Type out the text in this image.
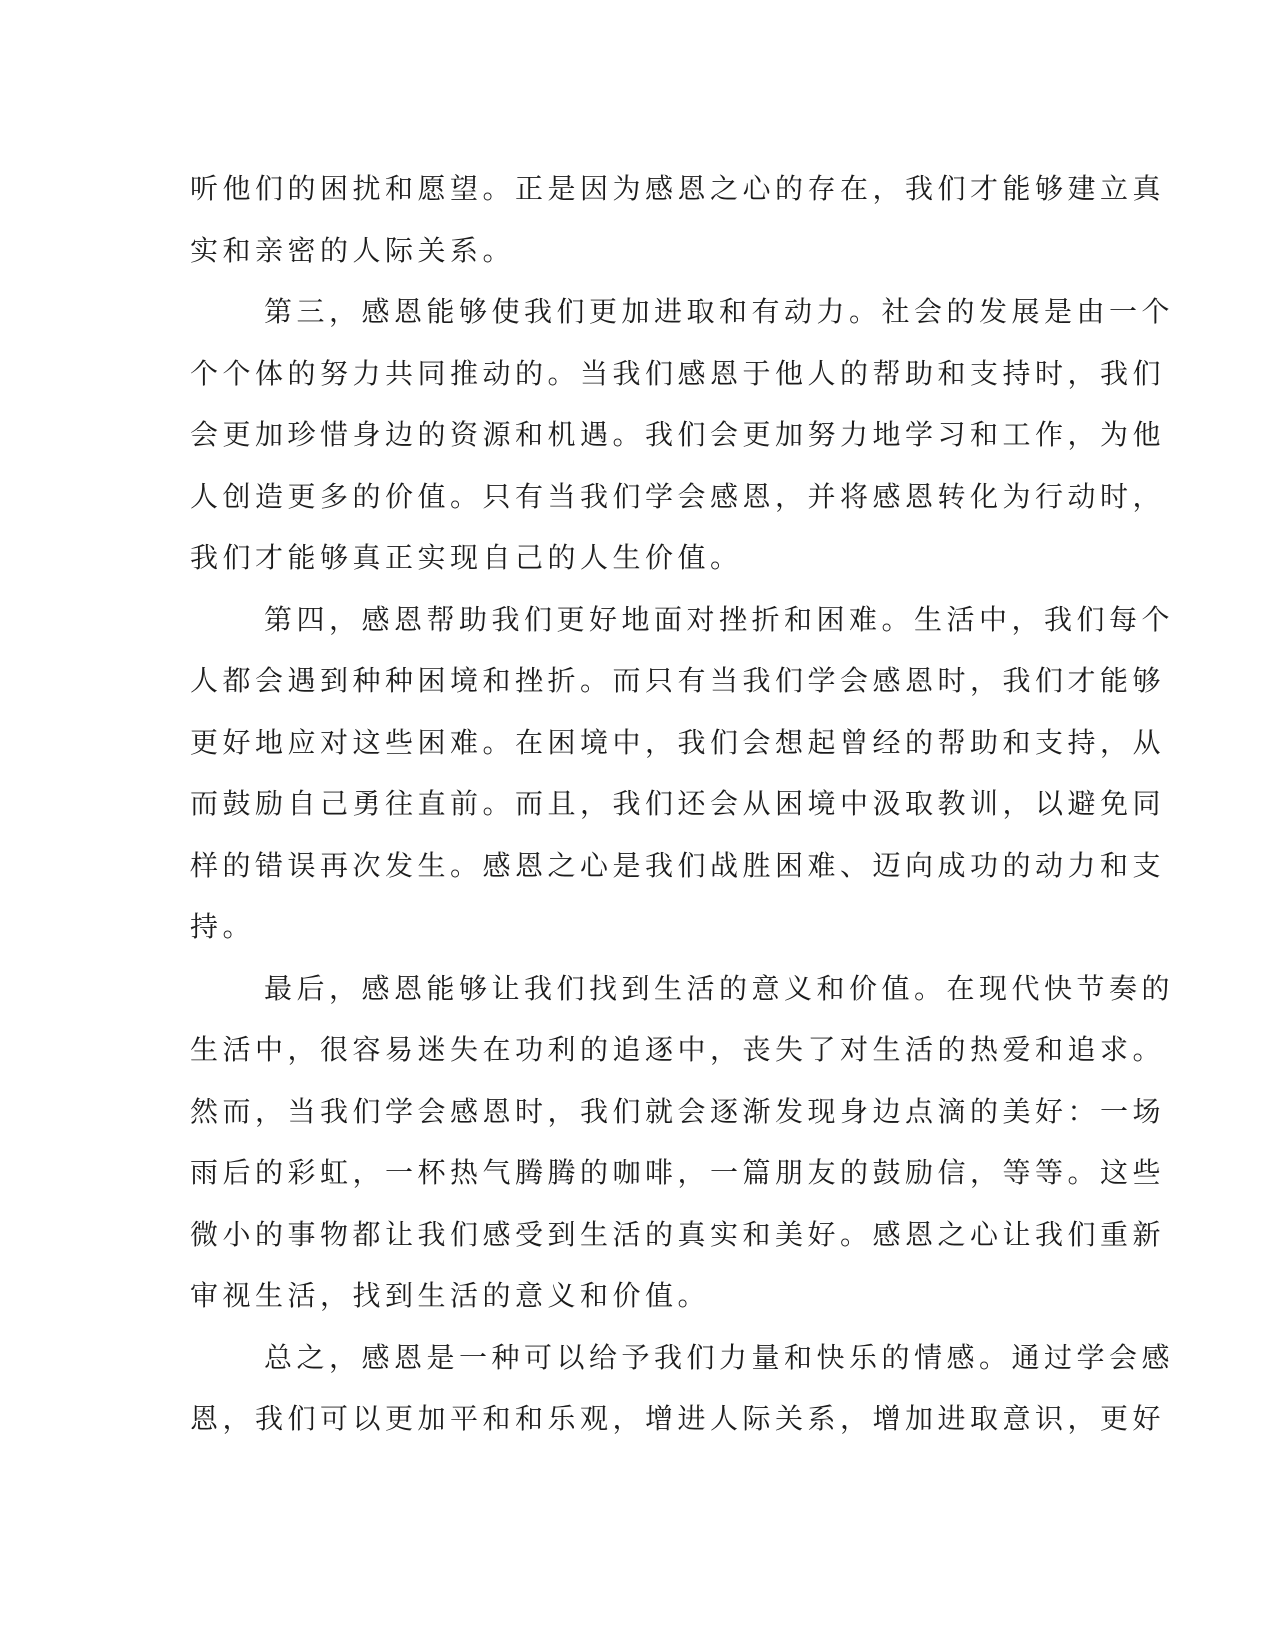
听他们的困扰和愿望。正是因为感恩之心的存在，我们才能够建立真
实和亲密的人际关系。
第三，感恩能够使我们更加进取和有动力。社会的发展是由一个
个个体的努力共同推动的。当我们感恩于他人的帮助和支持时，我们
会更加珍惜身边的资源和机遇。我们会更加努力地学习和工作，为他
人创造更多的价值。只有当我们学会感恩，并将感恩转化为行动时，
我们才能够真正实现自己的人生价值。
第四，感恩帮助我们更好地面对挫折和困难。生活中，我们每个
人都会遇到种种困境和挫折。而只有当我们学会感恩时，我们才能够
更好地应对这些困难。在困境中，我们会想起曾经的帮助和支持，从
而鼓励自己勇往直前。而且，我们还会从困境中汲取教训，以避免同
样的错误再次发生。感恩之心是我们战胜困难、迈向成功的动力和支
持。
最后，感恩能够让我们找到生活的意义和价值。在现代快节奏的
生活中，很容易迷失在功利的追逐中，丧失了对生活的热爱和追求。
然而，当我们学会感恩时，我们就会逐渐发现身边点滴的美好：一场
雨后的彩虹，一杯热气腾腾的咖啡，一篇朋友的鼓励信，等等。这些
微小的事物都让我们感受到生活的真实和美好。感恩之心让我们重新
审视生活，找到生活的意义和价值。
总之，感恩是一种可以给予我们力量和快乐的情感。通过学会感
恩，我们可以更加平和和乐观，增进人际关系，增加进取意识，更好
